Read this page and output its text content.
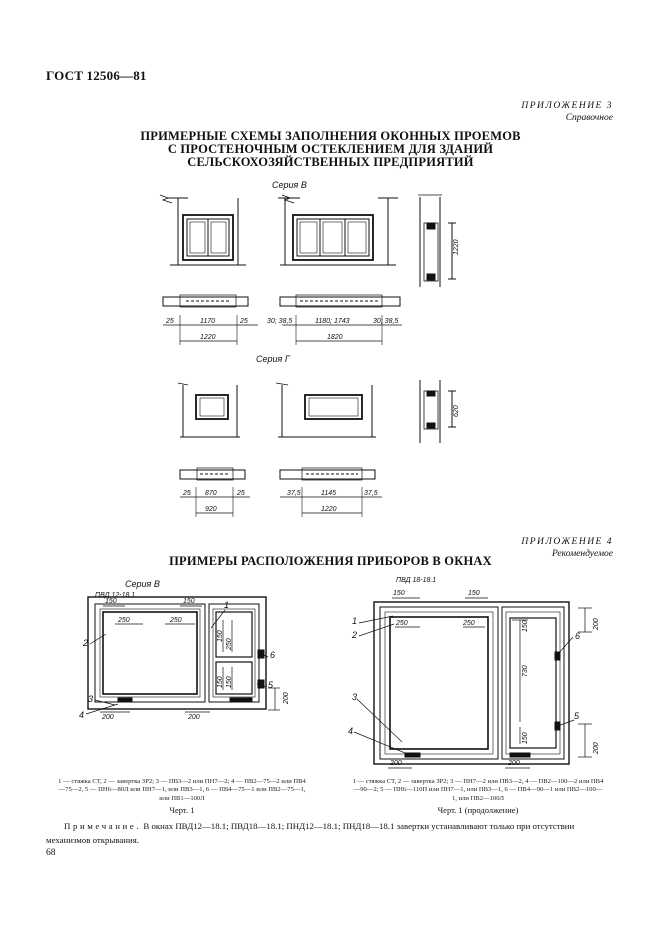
ГОСТ 12506—81
ПРИЛОЖЕНИЕ 3
Справочное
ПРИМЕРНЫЕ СХЕМЫ ЗАПОЛНЕНИЯ ОКОННЫХ ПРОЕМОВ
С ПРОСТЕНОЧНЫМ ОСТЕКЛЕНИЕМ ДЛЯ ЗДАНИЙ
СЕЛЬСКОХОЗЯЙСТВЕННЫХ ПРЕДПРИЯТИЙ
Серия В
1220
25	1170	25
1220
30; 38,5	1180; 1743	30; 38,5
1820
Серия Г
620
25 870	25
920
37,5	1145	37,5
1220
ПРИЛОЖЕНИЕ 4
Рекомендуемое
ПРИМЕРЫ РАСПОЛОЖЕНИЯ ПРИБОРОВ В ОКНАХ
Серия В
ПВД 12-18.1
150	150
250	250
200	200
200
250
150
150 150
1
2
3
4
5
6
ПВД 18-18.1
150	150
250	250
200	200
200
200
730
150
150
1
2
3
4
5
6
1 — стяжка СТ, 2 — завертка ЗР2; 3 — ПВ3—2 или ПН7—2; 4 — ПВ2—75—2 или ПВ4—75—2, 5 — ПН6—80Л или ПН7—1, или ПВ3—1, 6 — ПВ4—75—1 или ПВ2—75—1, или ПВ1—100Л
Черт. 1
1 — стяжка СТ, 2 — завертка ЗР2; 3 — ПН7—2 или ПВ3—2, 4 — ПВ2—100—2 или ПВ4—90—2; 5 — ПН6—110П или ПН7—1, или ПВ3—1, 6 — ПВ4—90—1 или ПВ2—100—1, или ПВ2—100Л
Черт. 1 (продолжение)
Примечание. В окнах ПВД12—18.1; ПВД18—18.1; ПНД12—18.1; ПНД18—18.1 завертки устанавливают только при отсутствии механизмов открывания.
68
